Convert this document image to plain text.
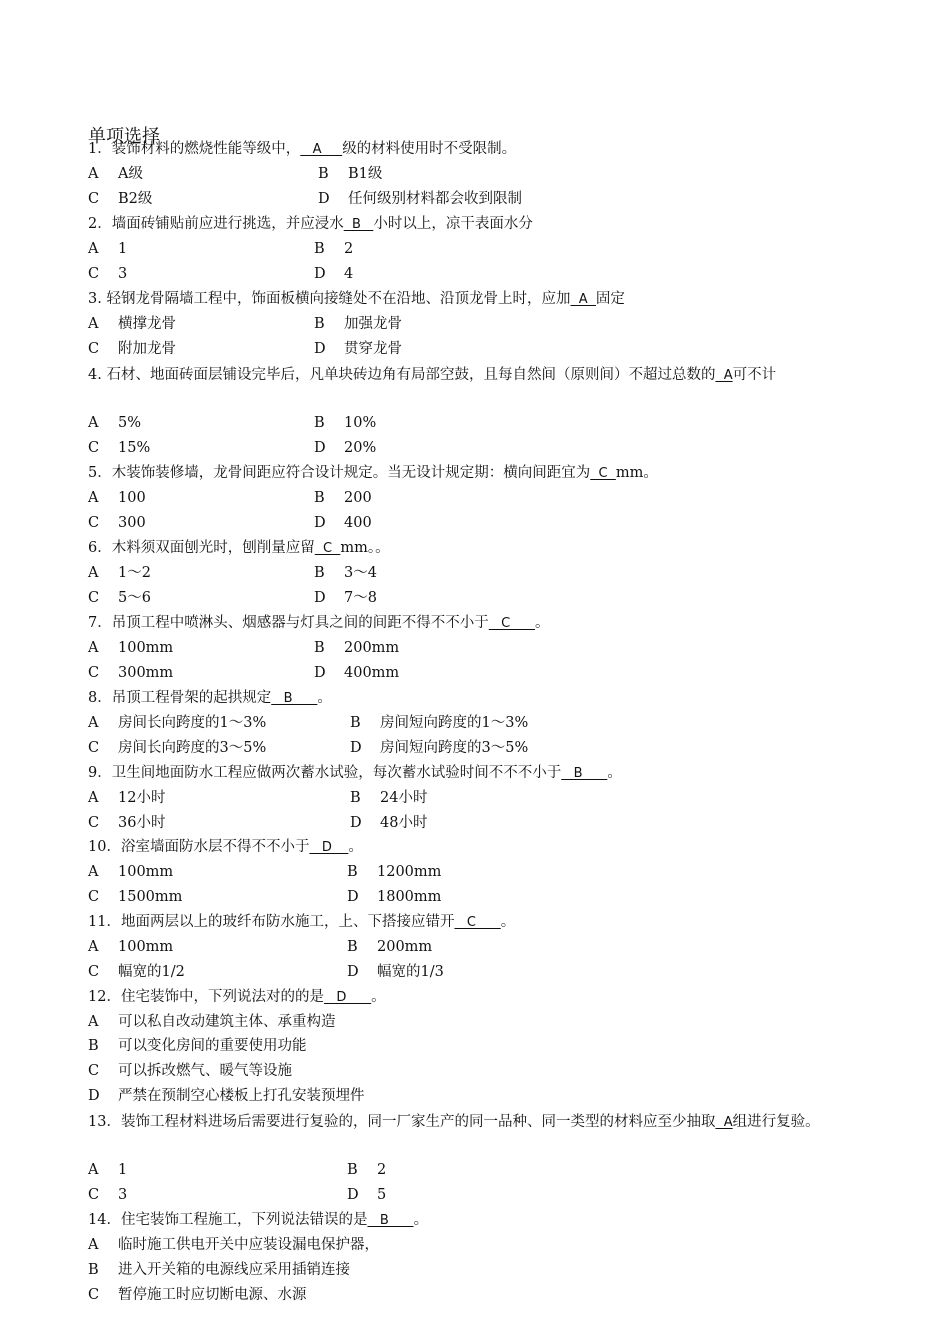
单项选择
1．装饰材料的燃烧性能等级中，   A     级的材料使用时不受限制。
A A级	B B1级
C B2级	D 任何级别材料都会收到限制
2．墙面砖铺贴前应进行挑选，并应浸水  B   小时以上，凉干表面水分
A 1	B 2
C 3	D 4
3. 轻钢龙骨隔墙工程中，饰面板横向接缝处不在沿地、沿顶龙骨上时，应加  A  固定
A 横撑龙骨	B 加强龙骨
C 附加龙骨	D 贯穿龙骨
4. 石材、地面砖面层铺设完毕后，凡单块砖边角有局部空鼓，且每自然间（原则间）不超过总数的  A可不计
A 5%	B 10%
C 15%	D 20%
5．木装饰装修墙，龙骨间距应符合设计规定。当无设计规定期：横向间距宜为  C  mm。
A 100	B 200
C 300	D 400
6．木料须双面刨光时，刨削量应留  C  mm。。
A 1～2	B 3～4
C 5～6	D 7～8
7．吊顶工程中喷淋头、烟感器与灯具之间的间距不得不不小于   C      。
A 100mm	B 200mm
C 300mm	D 400mm
8．吊顶工程骨架的起拱规定   B      。
A 房间长向跨度的1～3%	B 房间短向跨度的1～3%
C 房间长向跨度的3～5%	D 房间短向跨度的3～5%
9．卫生间地面防水工程应做两次蓄水试验，每次蓄水试验时间不不不小于   B      。
A 12小时	B 24小时
C 36小时	D 48小时
10．浴室墙面防水层不得不不小于   D    。
A 100mm	B 1200mm
C 1500mm	D 1800mm
11．地面两层以上的玻纤布防水施工，上、下搭接应错开   C      。
A 100mm	B 200mm
C 幅宽的1/2	D 幅宽的1/3
12．住宅装饰中，下列说法对的的是   D      。
A 可以私自改动建筑主体、承重构造
B 可以变化房间的重要使用功能
C 可以拆改燃气、暖气等设施
D 严禁在预制空心楼板上打孔安装预埋件
13．装饰工程材料进场后需要进行复验的，同一厂家生产的同一品种、同一类型的材料应至少抽取  A组进行复验。
A 1	B 2
C 3	D 5
14．住宅装饰工程施工，下列说法错误的是   B      。
A 临时施工供电开关中应装设漏电保护器，
B 进入开关箱的电源线应采用插销连接
C 暂停施工时应切断电源、水源
